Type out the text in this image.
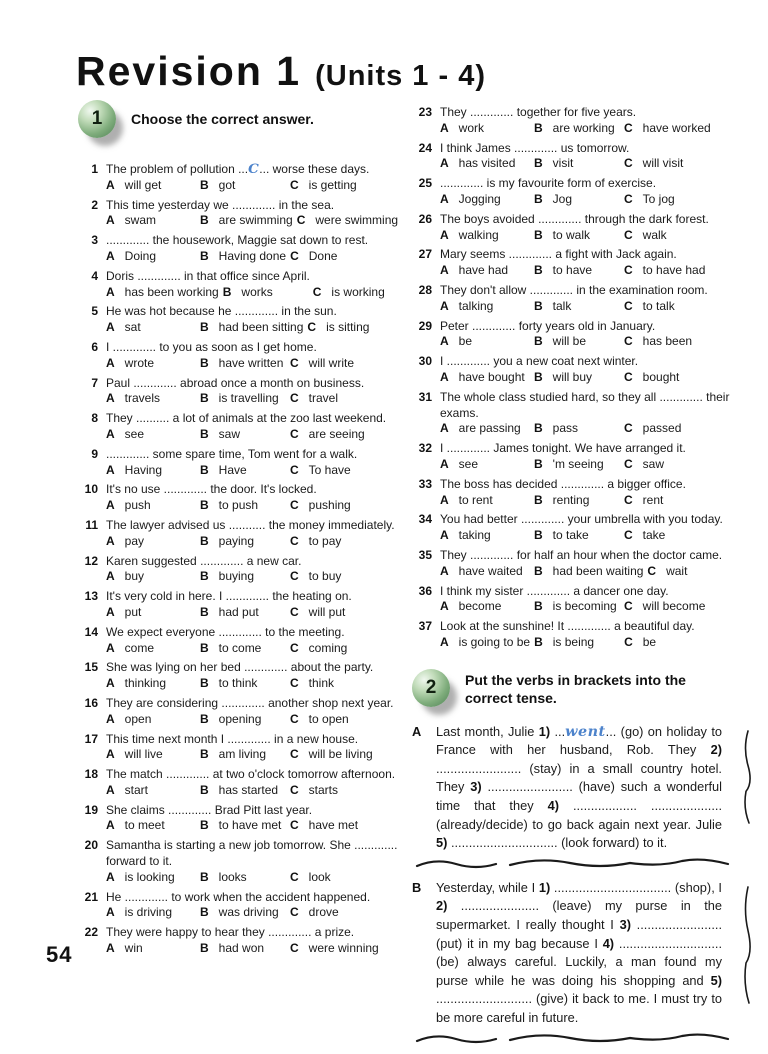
Revision 1 (Units 1 - 4)
1 Choose the correct answer.
1 The problem of pollution ...C... worse these days.
A will get	B got	C is getting
2 This time yesterday we ............. in the sea.
A swam	B are swimming C were swimming
3 ............. the housework, Maggie sat down to rest.
A Doing	B Having done C Done
4 Doris ............. in that office since April.
A has been working B works	C is working
5 He was hot because he ............. in the sun.
A sat	B had been sitting C is sitting
6 I ............. to you as soon as I get home.
A wrote	B have written C will write
7 Paul ............. abroad once a month on business.
A travels	B is travelling C travel
8 They .......... a lot of animals at the zoo last weekend.
A see	B saw	C are seeing
9 ............. some spare time, Tom went for a walk.
A Having	B Have	C To have
10 It's no use ............. the door. It's locked.
A push	B to push	C pushing
11 The lawyer advised us ........... the money immediately.
A pay	B paying	C to pay
12 Karen suggested ............. a new car.
A buy	B buying	C to buy
13 It's very cold in here. I ............. the heating on.
A put	B had put	C will put
14 We expect everyone ............. to the meeting.
A come	B to come C coming
15 She was lying on her bed ............. about the party.
A thinking	B to think	C think
16 They are considering ............. another shop next year.
A open	B opening C to open
17 This time next month I ............. in a new house.
A will live	B am living C will be living
18 The match ............. at two o'clock tomorrow afternoon.
A start	B has started C starts
19 She claims ............. Brad Pitt last year.
A to meet	B to have met C have met
20 Samantha is starting a new job tomorrow. She ............. forward to it.
A is looking B looks	C look
21 He ............. to work when the accident happened.
A is driving B was driving C drove
22 They were happy to hear they ............. a prize.
A win	B had won C were winning
23 They ............. together for five years.
A work	B are working C have worked
24 I think James ............. us tomorrow.
A has visited B visit	C will visit
25 ............. is my favourite form of exercise.
A Jogging	B Jog	C To jog
26 The boys avoided ............. through the dark forest.
A walking	B to walk	C walk
27 Mary seems ............. a fight with Jack again.
A have had B to have	C to have had
28 They don't allow ............. in the examination room.
A talking	B talk	C to talk
29 Peter ............. forty years old in January.
A be	B will be	C has been
30 I ............. you a new coat next winter.
A have bought B will buy	C bought
31 The whole class studied hard, so they all ............. their exams.
A are passing B pass	C passed
32 I ............. James tonight. We have arranged it.
A see	B 'm seeing C saw
33 The boss has decided ............. a bigger office.
A to rent	B renting	C rent
34 You had better ............. your umbrella with you today.
A taking	B to take	C take
35 They ............. for half an hour when the doctor came.
A have waited B had been waiting C wait
36 I think my sister ............. a dancer one day.
A become	B is becoming C will become
37 Look at the sunshine! It ............. a beautiful day.
A is going to be B is being C be
2 Put the verbs in brackets into the correct tense.
A	Last month, Julie 1) ...went... (go) on holiday to France with her husband, Rob. They 2) ........................ (stay) in a small country hotel. They 3) ........................ (have) such a wonderful time that they 4) .................. .................... (already/decide) to go back again next year. Julie 5) .............................. (look forward) to it.
B	Yesterday, while I 1) ................................. (shop), I 2) ...................... (leave) my purse in the supermarket. I really thought I 3) ........................ (put) it in my bag because I 4) ............................. (be) always careful. Luckily, a man found my purse while he was doing his shopping and 5) ........................... (give) it back to me. I must try to be more careful in future.
54
